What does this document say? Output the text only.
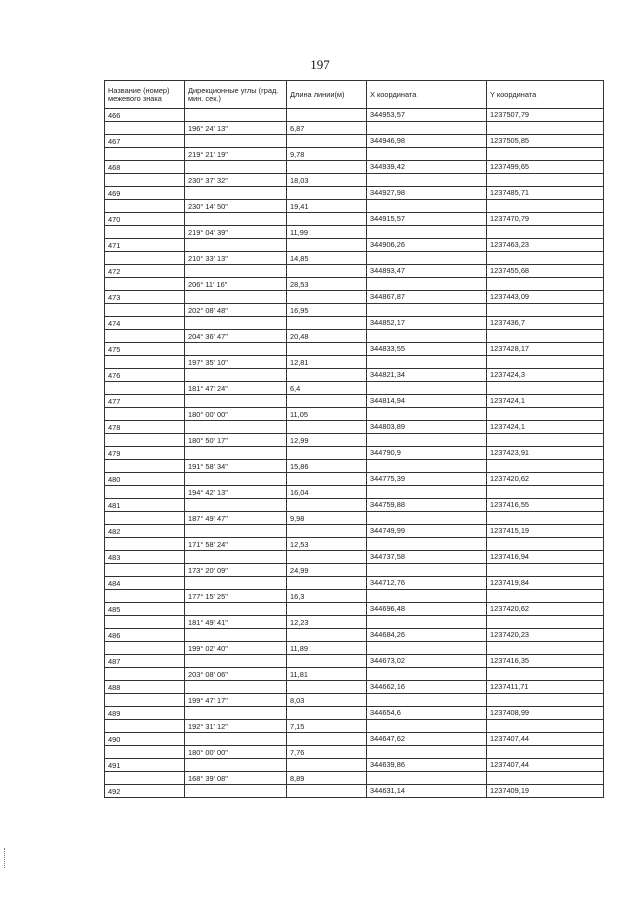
197
Название (номер) межевого знака	Дирекционные углы (град. мин. сек.)	Длина линии(м)	X координата	Y координата
466			344953,57	1237507,79
	196° 24' 13"	6,87		
467			344946,98	1237505,85
	219° 21' 19"	9,78		
468			344939,42	1237499,65
	230° 37' 32"	18,03		
469			344927,98	1237485,71
	230° 14' 50"	19,41		
470			344915,57	1237470,79
	219° 04' 39"	11,99		
471			344906,26	1237463,23
	210° 33' 13"	14,85		
472			344893,47	1237455,68
	206° 11' 16"	28,53		
473			344867,87	1237443,09
	202° 08' 48"	16,95		
474			344852,17	1237436,7
	204° 36' 47"	20,48		
475			344833,55	1237428,17
	197° 35' 10"	12,81		
476			344821,34	1237424,3
	181° 47' 24"	6,4		
477			344814,94	1237424,1
	180° 00' 00"	11,05		
478			344803,89	1237424,1
	180° 50' 17"	12,99		
479			344790,9	1237423,91
	191° 58' 34"	15,86		
480			344775,39	1237420,62
	194° 42' 13"	16,04		
481			344759,88	1237416,55
	187° 49' 47"	9,98		
482			344749,99	1237415,19
	171° 58' 24"	12,53		
483			344737,58	1237416,94
	173° 20' 09"	24,99		
484			344712,76	1237419,84
	177° 15' 25"	16,3		
485			344696,48	1237420,62
	181° 49' 41"	12,23		
486			344684,26	1237420,23
	199° 02' 40"	11,89		
487			344673,02	1237416,35
	203° 08' 06"	11,81		
488			344662,16	1237411,71
	199° 47' 17"	8,03		
489			344654,6	1237408,99
	192° 31' 12"	7,15		
490			344647,62	1237407,44
	180° 00' 00"	7,76		
491			344639,86	1237407,44
	168° 39' 08"	8,89		
492			344631,14	1237409,19
